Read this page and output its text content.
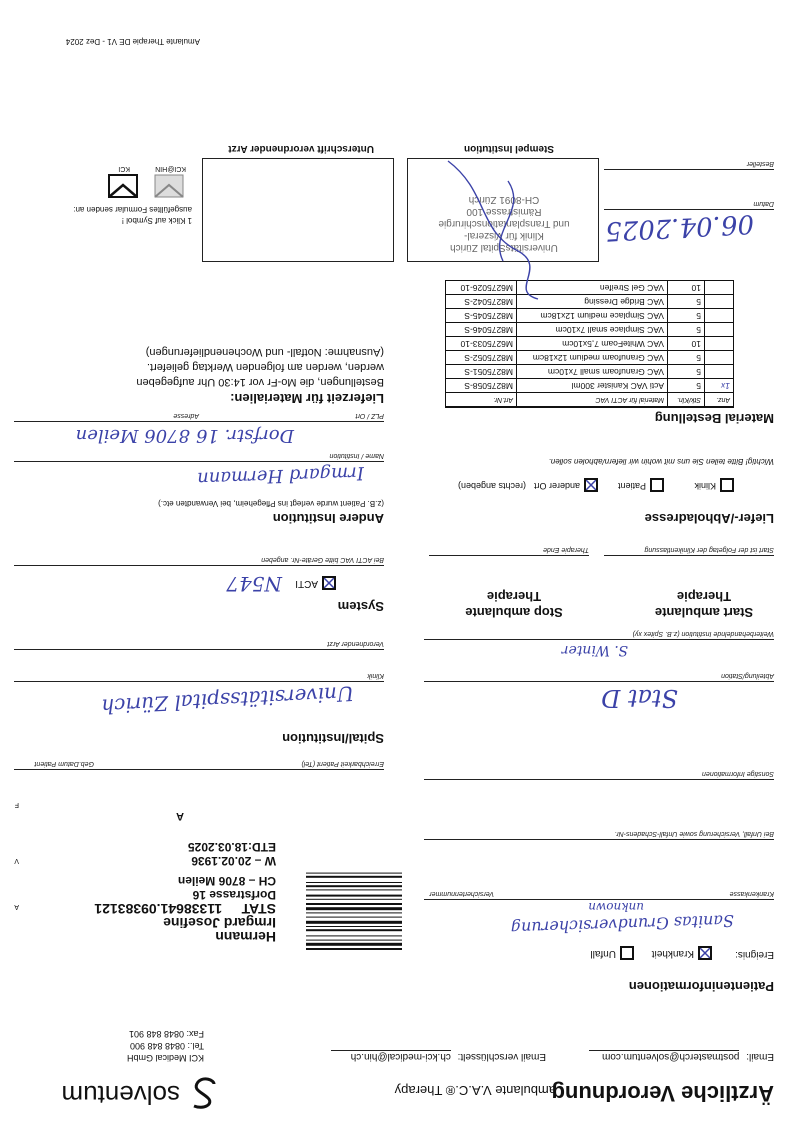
Ärztliche Verordnung
ambulante V.A.C.® Therapy
solventum
Email: postmasterch@solventum.com
Email verschlüsselt: ch.kci-medical@hin.ch
KCI Medical GmbH
Tel.: 0848 848 900
Fax: 0848 848 901
Patienteninformationen
Ereignis:
Krankheit
Unfall
Sanitas Grundversicherung
unknown
Krankenkasse
Versichertennummer
Bei Unfall, Versicherung sowie Unfall-Schadens-Nr.
Sonstige Informationen
Hermann
Irmgard Josefine
STAT     11338641.09383121
Dorfstrasse 16
CH – 8706 Meilen
W – 20.02.1936
ETD:18.03.2025
A
A
V
F
Erreichbarkeit Patient (Tel)
Geb.Datum Patient
Spital/Institution
Universitätsspital Zürich
Klinik
Stat D
Abteilung/Station
S. Winter
Verordnender Arzt
Weiterbehandelnde Institution (z.B. Spitex xy)
Start ambulante Therapie
Stop ambulante Therapie
Start ist der Folgetag der Klinikentlassung
Therapie Ende
System
ACTI
N547
Bei ACTI VAC bitte Geräte-Nr. angeben
Liefer-/Abholadresse
Andere Institution
(z.B. Patient wurde verlegt ins Pflegeheim, bei Verwandten etc.)
Klinik
Patient
anderer Ort
(rechts angeben)
Wichtig! Bitte teilen Sie uns mit wohin wir liefern/abholen sollen.
Irmgard Hermann
Name / Institution
Dorfstr. 16
8706 Meilen
PLZ / Ort
Adresse	Material Bestellung
Anz.	Stk/Kln.	Material für ACTI VAC	Art.Nr.
1x	5	Acti VAC Kanister 300ml	M8275058-S
	5	VAC Granufoam small 7x10cm	M8275051-S
	5	VAC Granufoam medium 12x18cm	M8275052-S
	10	VAC WhiteFoam 7,5x10cm	M6275033-10
	5	VAC Simplace small 7x10cm	M8275046-S
	5	VAC Simplace medium 12x18cm	M8275045-S
	5	VAC Bridge Dressing	M8275042-S
	10	VAC Gel Streifen	M6275026-10
Lieferzeit für Materialien:
Bestellungen, die Mo-Fr vor 14:30 Uhr aufgegeben
werden, werden am folgenden Werktag geliefert.
(Ausnahme: Notfall- und Wochenendlieferungen)
06.04.2025
Datum
Besteller
UniversitätsSpital Zürich
Klinik für Viszeral-
und Transplantationschirurgie
Rämistrasse 100
CH-8091 Zürich
Stempel Institution
Unterschrift verordnender Arzt
1 Klick auf Symbol !
ausgefülltes Formular senden an:
KCI@HIN
KCI
Amulante Therapie DE V1 - Dez 2024
